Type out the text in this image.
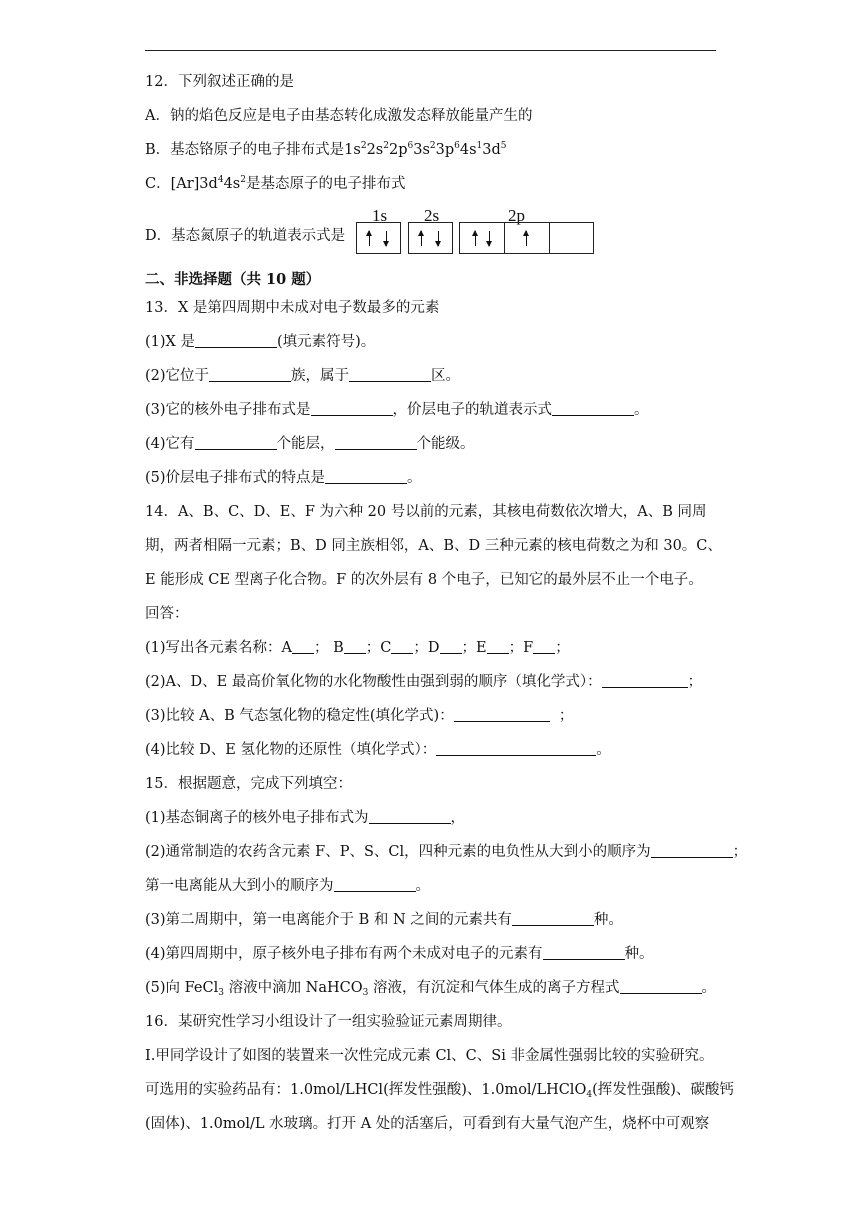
12．下列叙述正确的是
A．钠的焰色反应是电子由基态转化成激发态释放能量产生的
B．基态铬原子的电子排布式是$1s^22s^22p^63s^23p^64s^13d^5$
C．$[Ar]3d^44s^2$是基态原子的电子排布式
D．基态氮原子的轨道表示式是
1s 2s	2p
二、非选择题（共 10 题）
13．X 是第四周期中未成对电子数最多的元素
(1)X 是	(填元素符号)。
(2)它位于	族，属于	区。
(3)它的核外电子排布式是	，价层电子的轨道表示式	。
(4)它有	个能层，	个能级。
(5)价层电子排布式的特点是	。
14．A、B、C、D、E、F 为六种 20 号以前的元素，其核电荷数依次增大，A、B 同周
期，两者相隔一元素；B、D 同主族相邻，A、B、D 三种元素的核电荷数之为和 30。C、
E 能形成 CE 型离子化合物。F 的次外层有 8 个电子，已知它的最外层不止一个电子。
回答：
(1)写出各元素名称：A ； B ；C ；D ；E ；F ；
(2)A、D、E 最高价氧化物的水化物酸性由强到弱的顺序（填化学式）：	；
(3)比较 A、B 气态氢化物的稳定性(填化学式)：	；
(4)比较 D、E 氢化物的还原性（填化学式）：	。
15．根据题意，完成下列填空：
(1)基态铜离子的核外电子排布式为	，
(2)通常制造的农药含元素 F、P、S、Cl，四种元素的电负性从大到小的顺序为	；
第一电离能从大到小的顺序为	。
(3)第二周期中，第一电离能介于 B 和 N 之间的元素共有	种。
(4)第四周期中，原子核外电子排布有两个未成对电子的元素有	种。
(5)向 FeCl$_3$ 溶液中滴加 NaHCO$_3$ 溶液，有沉淀和气体生成的离子方程式	。
16．某研究性学习小组设计了一组实验验证元素周期律。
I.甲同学设计了如图的装置来一次性完成元素 Cl、C、Si 非金属性强弱比较的实验研究。
可选用的实验药品有：1.0mol/LHCl(挥发性强酸)、1.0mol/LHClO$_4$(挥发性强酸)、碳酸钙
(固体)、1.0mol/L 水玻璃。打开 A 处的活塞后，可看到有大量气泡产生，烧杯中可观察
